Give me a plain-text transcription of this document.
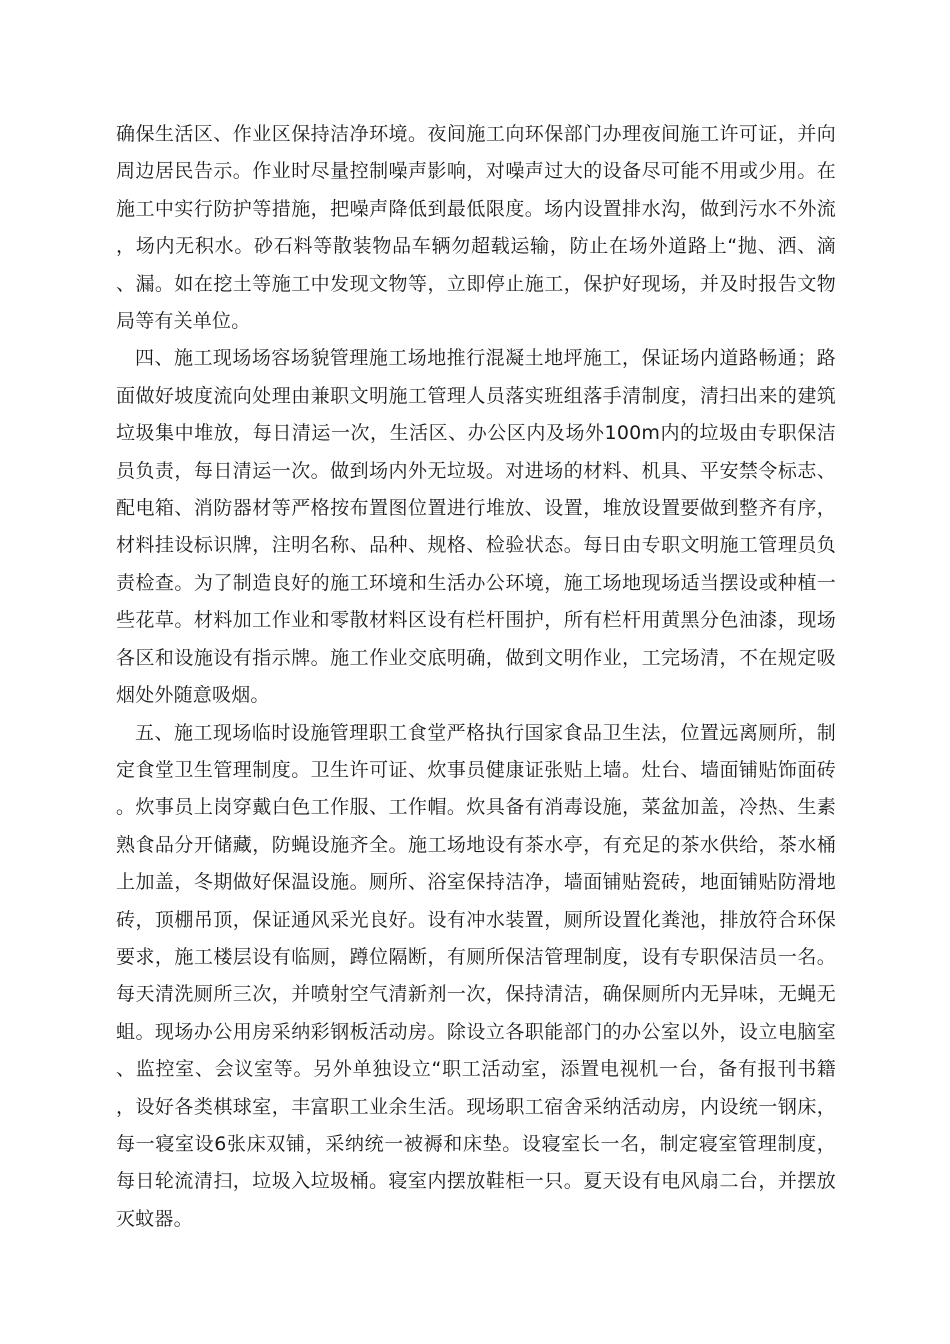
确保生活区、作业区保持洁净环境。夜间施工向环保部门办理夜间施工许可证，并向周边居民告示。作业时尽量控制噪声影响，对噪声过大的设备尽可能不用或少用。在施工中实行防护等措施，把噪声降低到最低限度。场内设置排水沟，做到污水不外流，场内无积水。砂石料等散装物品车辆勿超载运输，防止在场外道路上“抛、洒、滴、漏。如在挖土等施工中发现文物等，立即停止施工，保护好现场，并及时报告文物局等有关单位。

四、施工现场场容场貌管理施工场地推行混凝土地坪施工，保证场内道路畅通；路面做好坡度流向处理由兼职文明施工管理人员落实班组落手清制度，清扫出来的建筑垃圾集中堆放，每日清运一次，生活区、办公区内及场外100m内的垃圾由专职保洁员负责，每日清运一次。做到场内外无垃圾。对进场的材料、机具、平安禁令标志、配电箱、消防器材等严格按布置图位置进行堆放、设置，堆放设置要做到整齐有序，材料挂设标识牌，注明名称、品种、规格、检验状态。每日由专职文明施工管理员负责检查。为了制造良好的施工环境和生活办公环境，施工场地现场适当摆设或种植一些花草。材料加工作业和零散材料区设有栏杆围护，所有栏杆用黄黑分色油漆，现场各区和设施设有指示牌。施工作业交底明确，做到文明作业，工完场清，不在规定吸烟处外随意吸烟。

五、施工现场临时设施管理职工食堂严格执行国家食品卫生法，位置远离厕所，制定食堂卫生管理制度。卫生许可证、炊事员健康证张贴上墙。灶台、墙面铺贴饰面砖。炊事员上岗穿戴白色工作服、工作帽。炊具备有消毒设施，菜盆加盖，冷热、生素熟食品分开储藏，防蝇设施齐全。施工场地设有茶水亭，有充足的茶水供给，茶水桶上加盖，冬期做好保温设施。厕所、浴室保持洁净，墙面铺贴瓷砖，地面铺贴防滑地砖，顶棚吊顶，保证通风采光良好。设有冲水装置，厕所设置化粪池，排放符合环保要求，施工楼层设有临厕，蹲位隔断，有厕所保洁管理制度，设有专职保洁员一名。每天清洗厕所三次，并喷射空气清新剂一次，保持清洁，确保厕所内无异味，无蝇无蛆。现场办公用房采纳彩钢板活动房。除设立各职能部门的办公室以外，设立电脑室、监控室、会议室等。另外单独设立“职工活动室，添置电视机一台，备有报刊书籍，设好各类棋球室，丰富职工业余生活。现场职工宿舍采纳活动房，内设统一钢床，每一寝室设6张床双铺，采纳统一被褥和床垫。设寝室长一名，制定寝室管理制度，每日轮流清扫，垃圾入垃圾桶。寝室内摆放鞋柜一只。夏天设有电风扇二台，并摆放灭蚊器。
